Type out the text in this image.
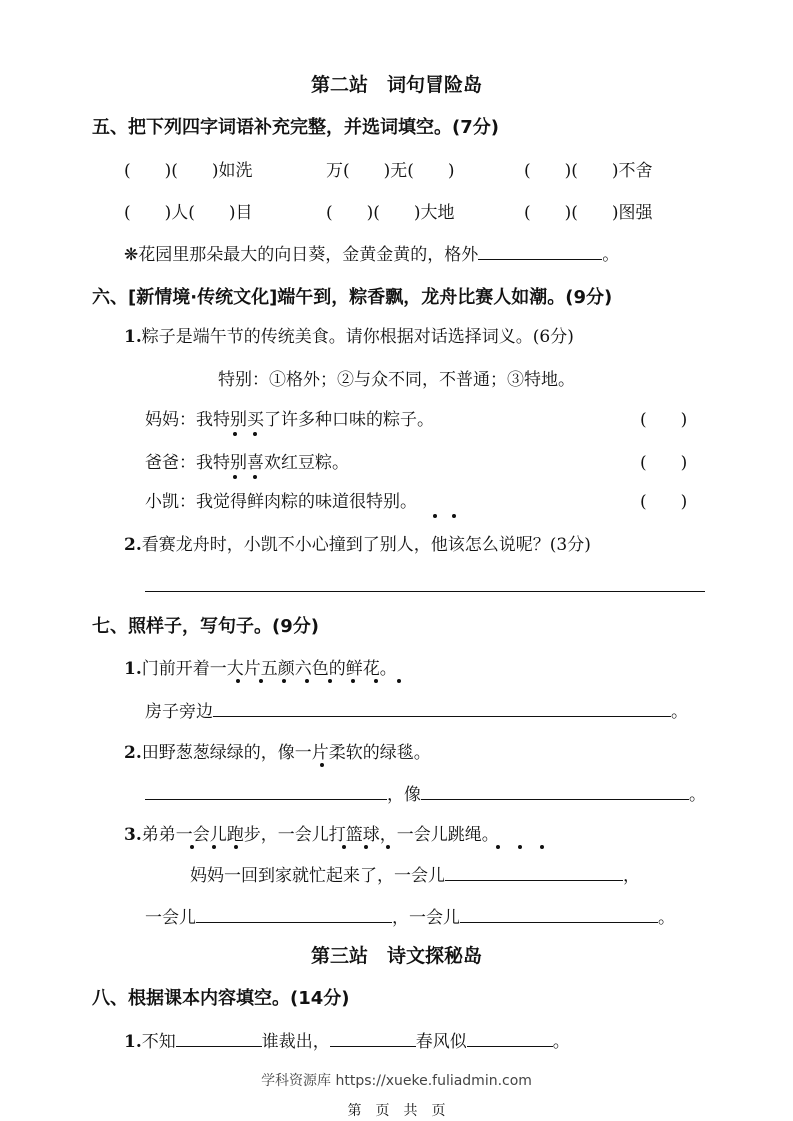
第二站　词句冒险岛
五、把下列四字词语补充完整，并选词填空。(7分)
(　　)(　　)如洗	万(　　)无(　　)	(　　)(　　)不舍
(　　)人(　　)目	(　　)(　　)大地	(　　)(　　)图强
❋花园里那朵最大的向日葵，金黄金黄的，格外	。
六、[新情境·传统文化]端午到，粽香飘，龙舟比赛人如潮。(9分)
1.粽子是端午节的传统美食。请你根据对话选择词义。(6分)
特别：①格外；②与众不同，不普通；③特地。
妈妈：我特别买了许多种口味的粽子。	(　　)
爸爸：我特别喜欢红豆粽。	(　　)
小凯：我觉得鲜肉粽的味道很特别。	(　　)
2.看赛龙舟时，小凯不小心撞到了别人，他该怎么说呢？(3分)
七、照样子，写句子。(9分)
1.门前开着一大片五颜六色的鲜花。
房子旁边	。
2.田野葱葱绿绿的，像一片柔软的绿毯。
，像	。
3.弟弟一会儿跑步，一会儿打篮球，一会儿跳绳。
妈妈一回到家就忙起来了，一会儿	，
一会儿	，一会儿	。
第三站　诗文探秘岛
八、根据课本内容填空。(14分)
1.不知	谁裁出，	春风似	。
学科资源库 https://xueke.fuliadmin.com
第　页　共　页
